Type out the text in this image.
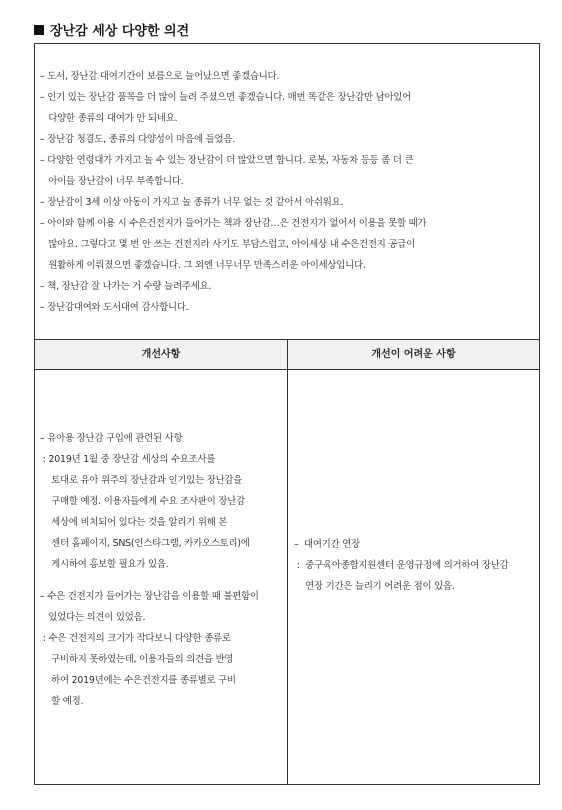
장난감 세상 다양한 의견
– 도서, 장난감 대여기간이 보름으로 늘어났으면 좋겠습니다.
– 인기 있는 장난감 품목을 더 많이 늘려 주셨으면 좋겠습니다. 매번 똑같은 장난감만 남아있어
다양한 종류의 대여가 안 되네요.
– 장난감 청결도, 종류의 다양성이 마음에 들었음.
– 다양한 연령대가 가지고 놀 수 있는 장난감이 더 많았으면 합니다. 로봇, 자동차 등등 좀 더 큰
아이들 장난감이 너무 부족합니다.
– 장난감이 3세 이상 아동이 가지고 놀 종류가 너무 없는 것 같아서 아쉬워요.
– 아이와 함께 이용 시 수은건전지가 들어가는 책과 장난감…은 건전지가 없어서 이용을 못할 때가
많아요. 그렇다고 몇 번 안 쓰는 건전지라 사기도 부담스럽고, 아이세상 내 수은건전지 공급이
원활하게 이뤄졌으면 좋겠습니다. 그 외엔 너무너무 만족스러운 아이세상입니다.
– 책, 장난감 잘 나가는 거 수량 늘려주세요.
– 장난감대여와 도서대여 감사합니다.
개선사항	개선이 어려운 사항

– 유아용 장난감 구입에 관련된 사항

: 2019년 1월 중 장난감 세상의 수요조사를

토대로 유아 위주의 장난감과 인기있는 장난감을

구매할 예정. 이용자들에게 수요 조사판이 장난감

세상에 비치되어 있다는 것을 알리기 위해 본

센터 홈페이지, SNS(인스타그램, 카카오스토리)에

게시하여 홍보할 필요가 있음.

– 수은 건전지가 들어가는 장난감을 이용할 때 불편함이

있었다는 의견이 있었음.

: 수은 건전지의 크기가 작다보니 다양한 종류로

구비하지 못하였는데, 이용자들의 의견을 반영

하여 2019년에는 수은건전지를 종류별로 구비

할 예정.

–  대여기간 연장

:  중구육아종합지원센터 운영규정에 의거하여 장난감

연장 기간은 늘리기 어려운 점이 있음.
